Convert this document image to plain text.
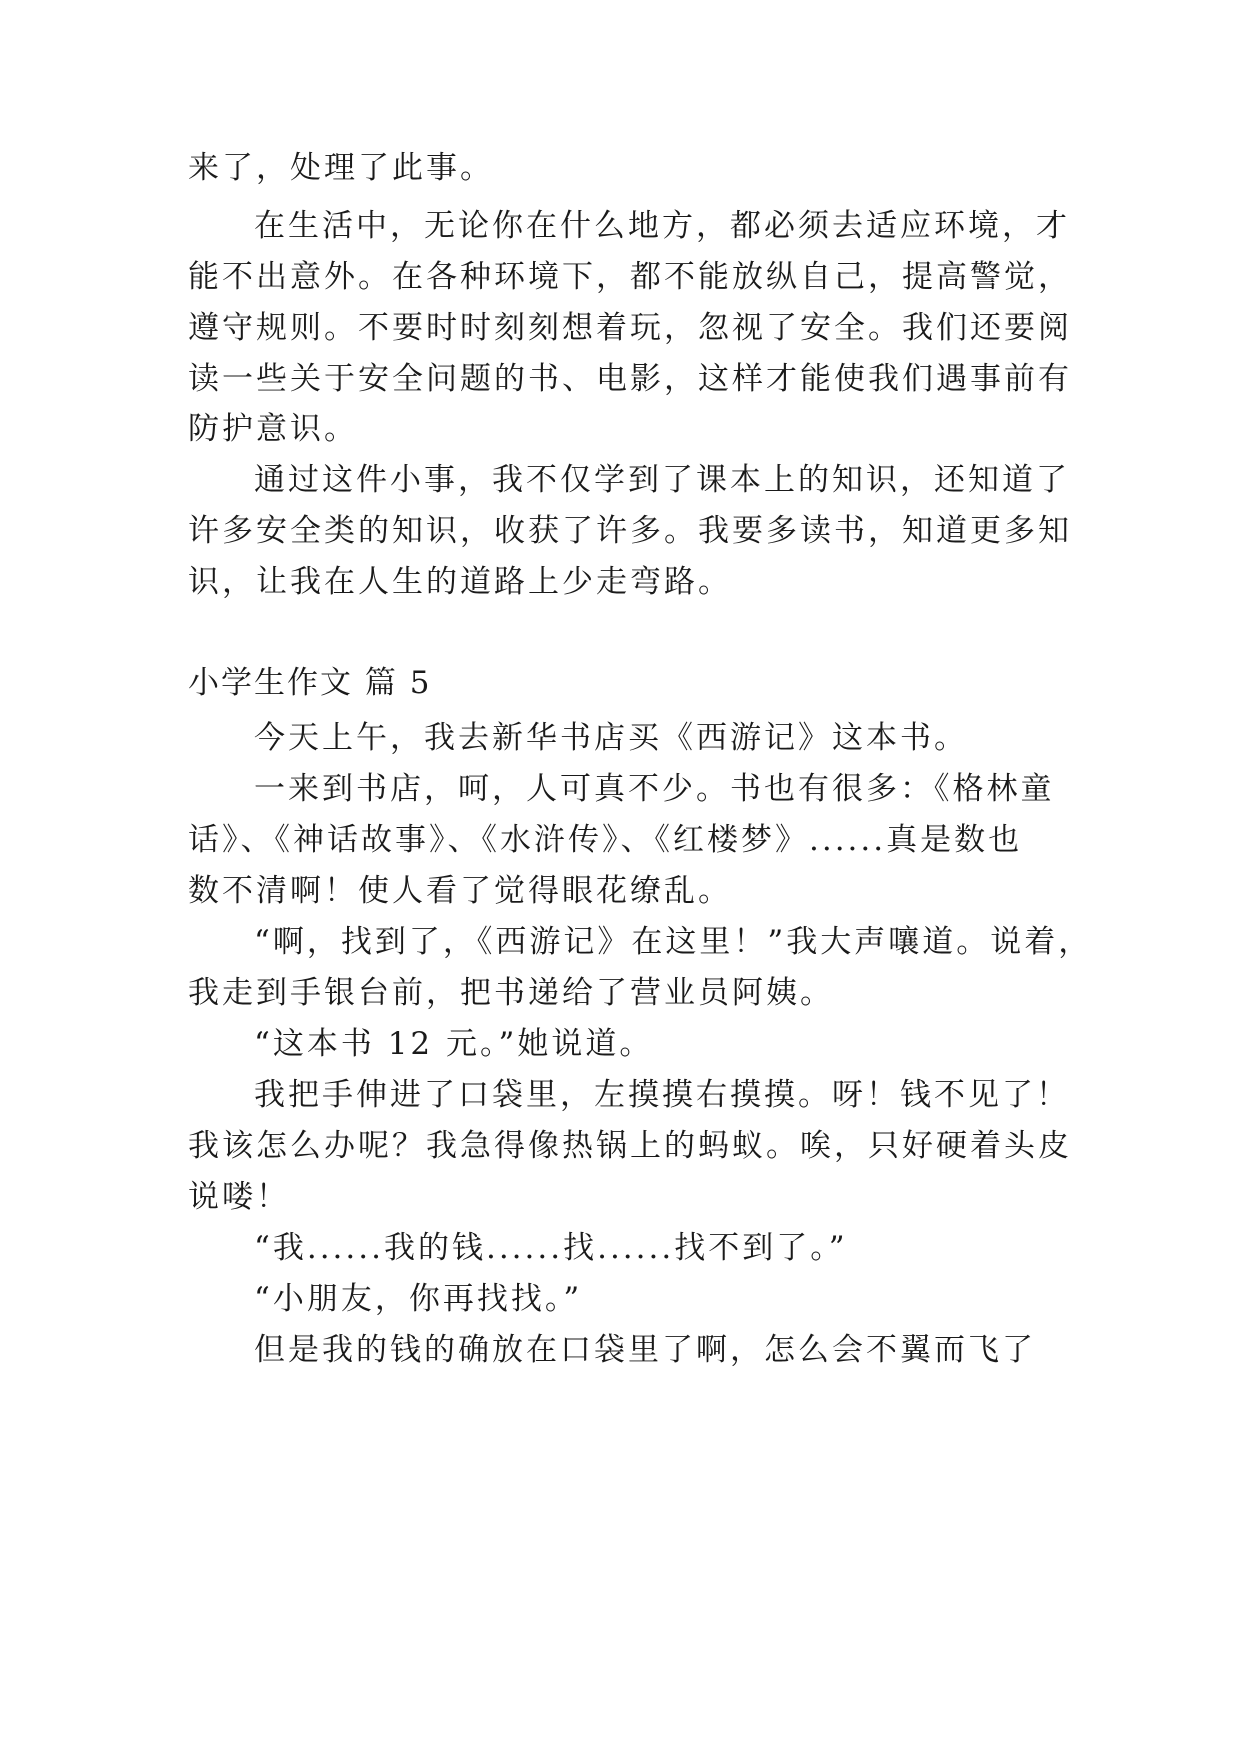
来了，处理了此事。
在生活中，无论你在什么地方，都必须去适应环境，才
能不出意外。在各种环境下，都不能放纵自己，提高警觉，
遵守规则。不要时时刻刻想着玩，忽视了安全。我们还要阅
读一些关于安全问题的书、电影，这样才能使我们遇事前有
防护意识。
通过这件小事，我不仅学到了课本上的知识，还知道了
许多安全类的知识，收获了许多。我要多读书，知道更多知
识，让我在人生的道路上少走弯路。
小学生作文 篇 5
今天上午，我去新华书店买《西游记》这本书。
一来到书店，呵，人可真不少。书也有很多：《格林童
话》、《神话故事》、《水浒传》、《红楼梦》......真是数也
数不清啊！使人看了觉得眼花缭乱。
“啊，找到了，《西游记》在这里！”我大声嚷道。说着，
我走到手银台前，把书递给了营业员阿姨。
“这本书 12 元。”她说道。
我把手伸进了口袋里，左摸摸右摸摸。呀！钱不见了！
我该怎么办呢？我急得像热锅上的蚂蚁。唉，只好硬着头皮
说喽！
“我......我的钱......找......找不到了。”
“小朋友，你再找找。”
但是我的钱的确放在口袋里了啊，怎么会不翼而飞了
